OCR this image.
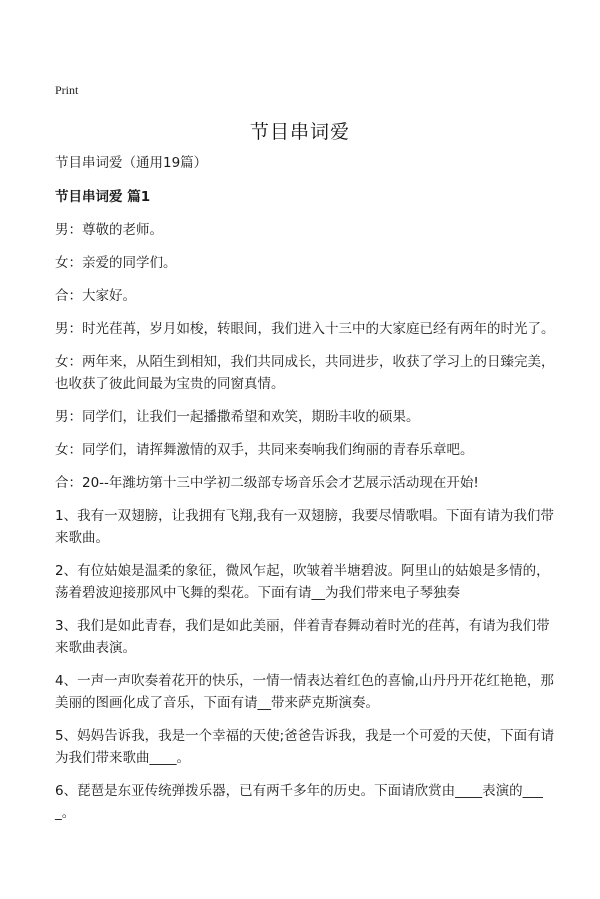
Print
节目串词爱

节目串词爱（通用19篇）

节目串词爱 篇1

男：尊敬的老师。

女：亲爱的同学们。

合：大家好。

男：时光荏苒，岁月如梭，转眼间，我们进入十三中的大家庭已经有两年的时光了。

女：两年来，从陌生到相知，我们共同成长，共同进步，收获了学习上的日臻完美，也收获了彼此间最为宝贵的同窗真情。

男：同学们，让我们一起播撒希望和欢笑，期盼丰收的硕果。

女：同学们，请挥舞激情的双手，共同来奏响我们绚丽的青春乐章吧。

合：20--年潍坊第十三中学初二级部专场音乐会才艺展示活动现在开始!

1、我有一双翅膀，让我拥有飞翔,我有一双翅膀，我要尽情歌唱。下面有请为我们带来歌曲。

2、有位姑娘是温柔的象征，微风乍起，吹皱着半塘碧波。阿里山的姑娘是多情的，荡着碧波迎接那风中飞舞的梨花。下面有请__为我们带来电子琴独奏

3、我们是如此青春，我们是如此美丽，伴着青春舞动着时光的荏苒，有请为我们带来歌曲表演。

4、一声一声吹奏着花开的快乐，一情一情表达着红色的喜愉,山丹丹开花红艳艳，那美丽的图画化成了音乐，下面有请__带来萨克斯演奏。

5、妈妈告诉我，我是一个幸福的天使;爸爸告诉我，我是一个可爱的天使，下面有请为我们带来歌曲____。

6、琵琶是东亚传统弹拨乐器，已有两千多年的历史。下面请欣赏由____表演的____。
